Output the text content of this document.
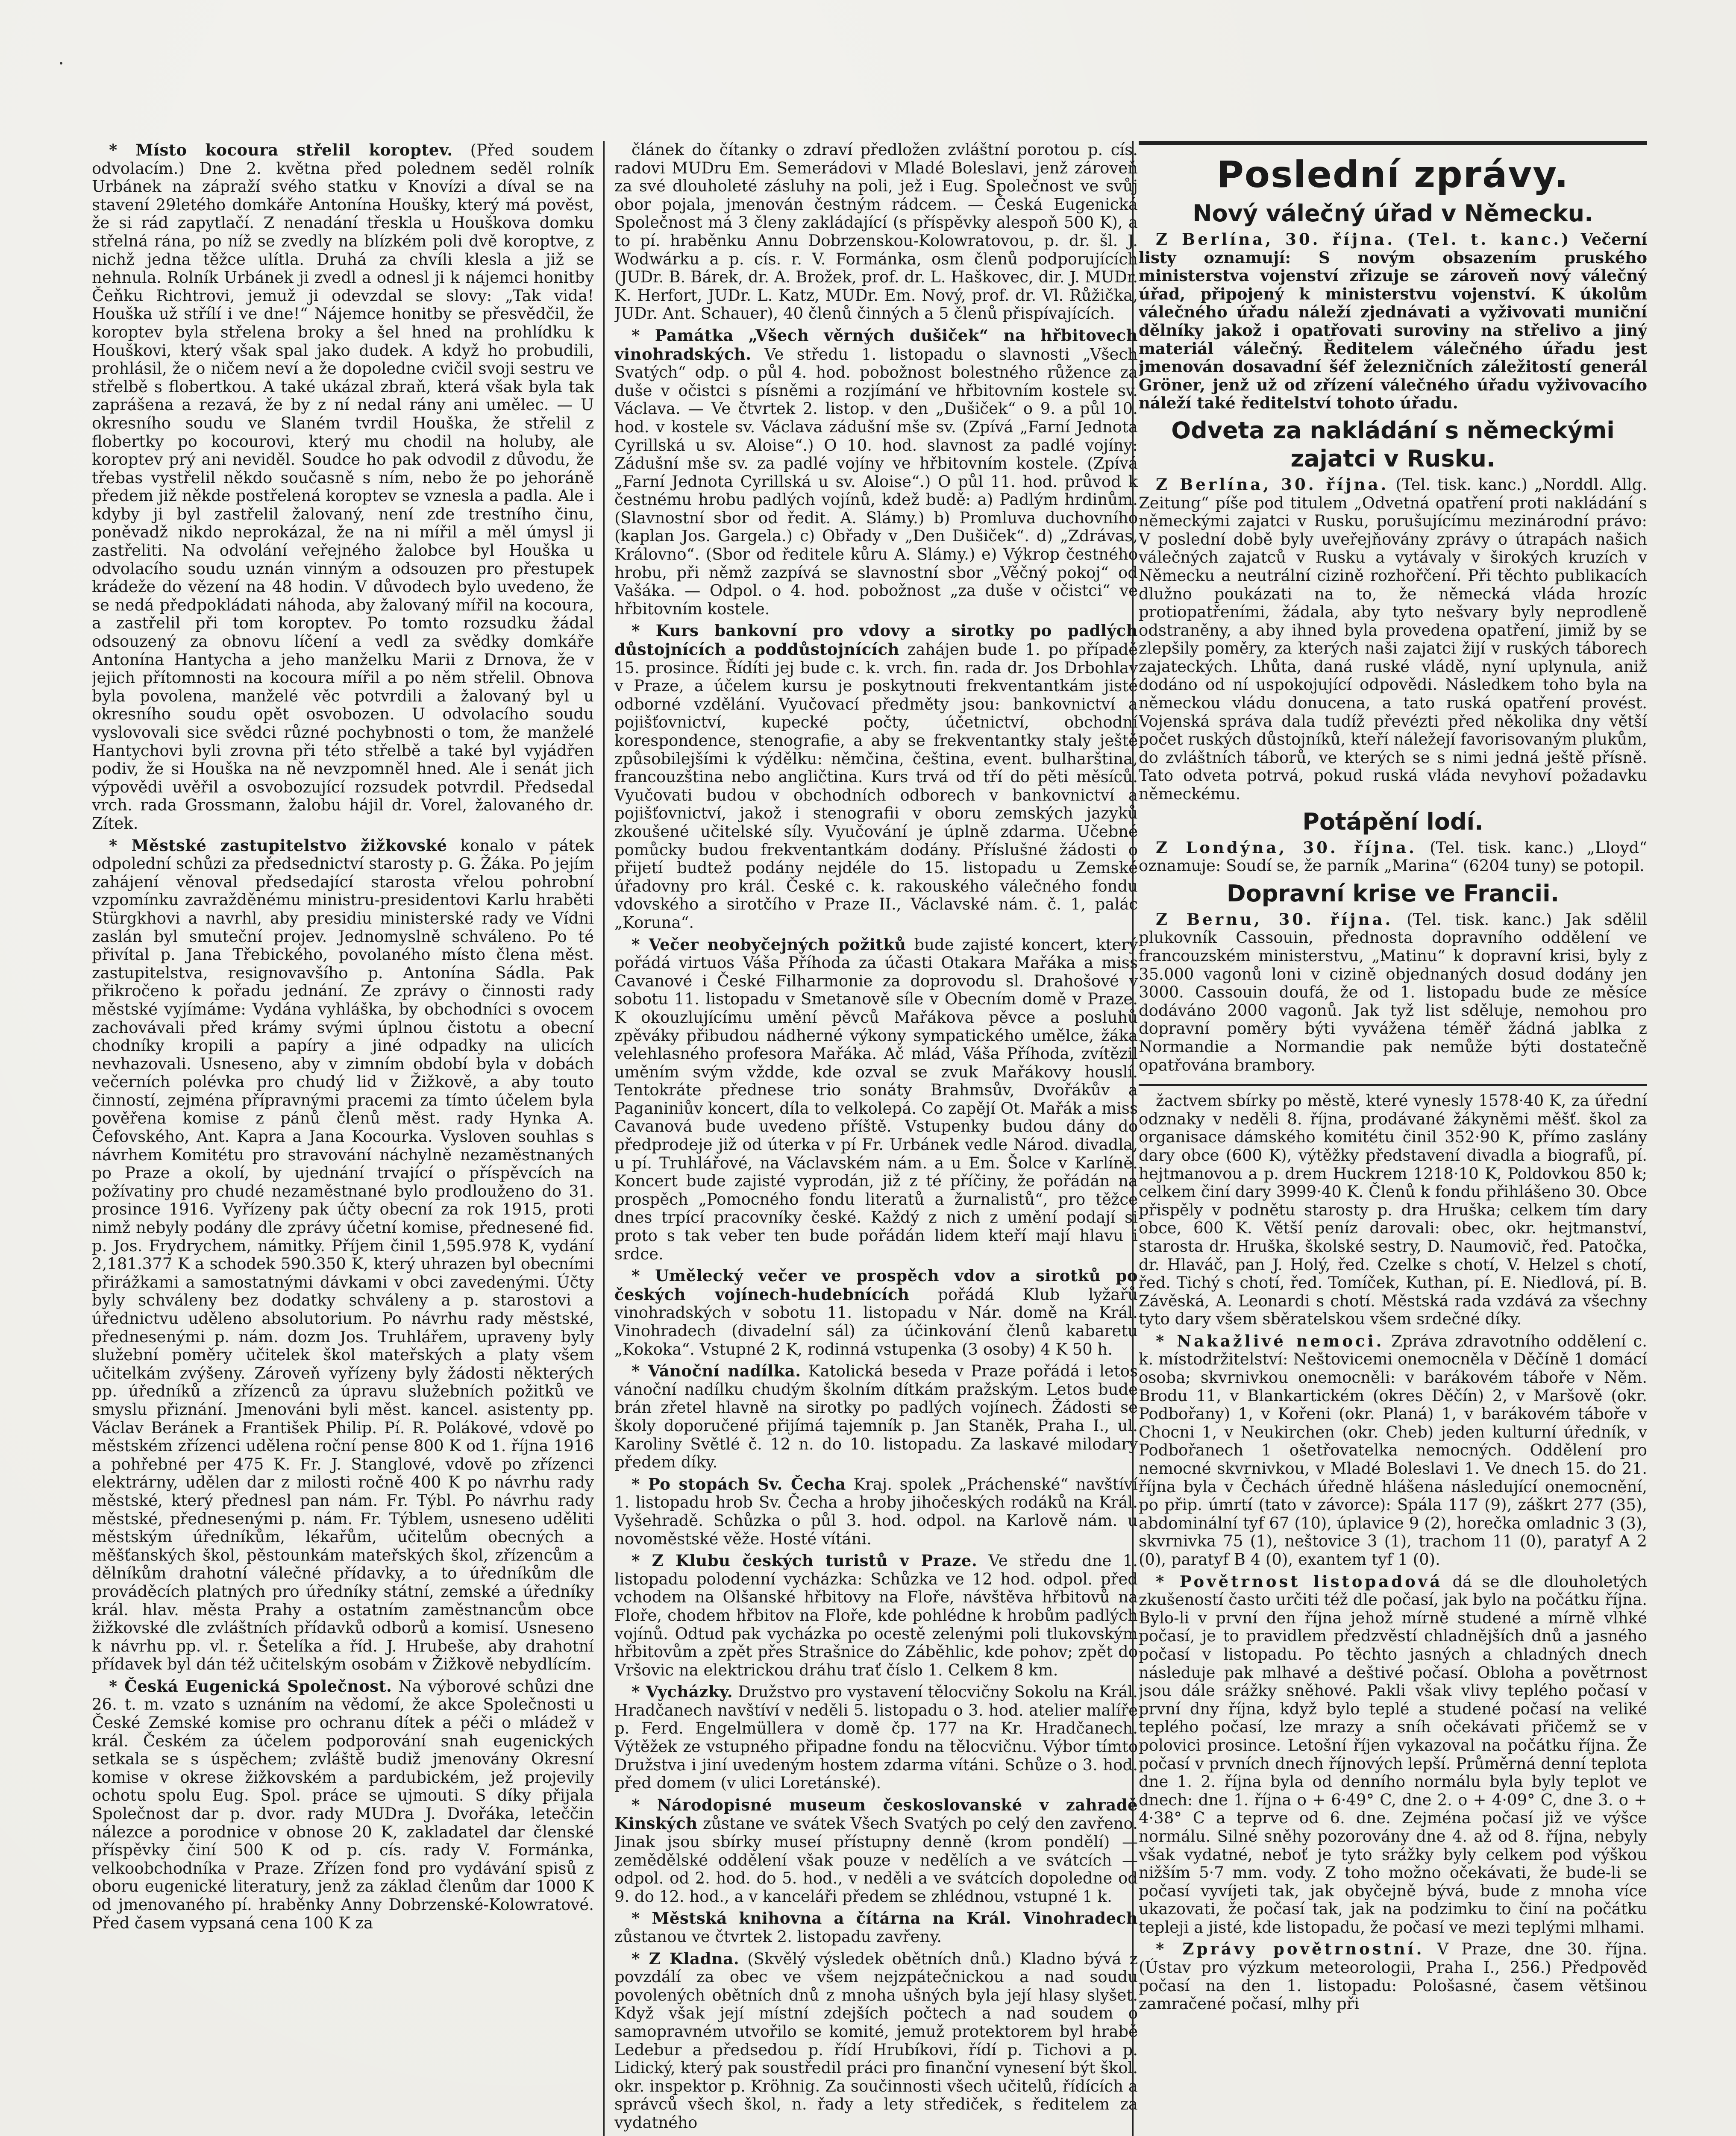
* Místo kocoura střelil koroptev. (Před soudem odvolacím.) Dne 2. května před polednem seděl rolník Urbánek na zápraží svého statku v Knovízi a díval se na stavení 29letého domkáře Antonína Houšky, který má pověst, že si rád zapytlačí. Z nenadání třeskla u Houškova domku střelná rána, po níž se zvedly na blízkém poli dvě koroptve, z nichž jedna těžce ulítla. Druhá za chvíli klesla a již se nehnula. Rolník Urbánek ji zvedl a odnesl ji k nájemci honitby Čeňku Richtrovi, jemuž ji odevzdal se slovy: „Tak vida! Houška už střílí i ve dne!“ Nájemce honitby se přesvědčil, že koroptev byla střelena broky a šel hned na prohlídku k Houškovi, který však spal jako dudek. A když ho probudili, prohlásil, že o ničem neví a že dopoledne cvičil svoji sestru ve střelbě s flobertkou. A také ukázal zbraň, která však byla tak zaprášena a rezavá, že by z ní nedal rány ani umělec. — U okresního soudu ve Slaném tvrdil Houška, že střelil z flobertky po kocourovi, který mu chodil na holuby, ale koroptev prý ani neviděl. Soudce ho pak odvodil z důvodu, že třebas vystřelil někdo současně s ním, nebo že po jehoráně předem již někde postřelená koroptev se vznesla a padla. Ale i kdyby ji byl zastřelil žalovaný, není zde trestního činu, poněvadž nikdo neprokázal, že na ni mířil a měl úmysl ji zastřeliti. Na odvolání veřejného žalobce byl Houška u odvolacího soudu uznán vinným a odsouzen pro přestupek krádeže do vězení na 48 hodin. V důvodech bylo uvedeno, že se nedá předpokládati náhoda, aby žalovaný mířil na kocoura, a zastřelil při tom koroptev. Po tomto rozsudku žádal odsouzený za obnovu líčení a vedl za svědky domkáře Antonína Hantycha a jeho manželku Marii z Drnova, že v jejich přítomnosti na kocoura mířil a po něm střelil. Obnova byla povolena, manželé věc potvrdili a žalovaný byl u okresního soudu opět osvobozen. U odvolacího soudu vyslovovali sice svědci různé pochybnosti o tom, že manželé Hantychovi byli zrovna při této střelbě a také byl vyjádřen podiv, že si Houška na ně nevzpomněl hned. Ale i senát jich výpovědi uvěřil a osvobozující rozsudek potvrdil. Předsedal vrch. rada Grossmann, žalobu hájil dr. Vorel, žalovaného dr. Zítek.

* Městské zastupitelstvo žižkovské konalo v pátek odpolední schůzi za předsednictví starosty p. G. Žáka. Po jejím zahájení věnoval předsedající starosta vřelou pohrobní vzpomínku zavražděnému ministru-presidentovi Karlu hraběti Stürgkhovi a navrhl, aby presidiu ministerské rady ve Vídni zaslán byl smuteční projev. Jednomyslně schváleno. Po té přivítal p. Jana Třebického, povolaného místo člena měst. zastupitelstva, resignovavšího p. Antonína Sádla. Pak přikročeno k pořadu jednání. Ze zprávy o činnosti rady městské vyjímáme: Vydána vyhláška, by obchodníci s ovocem zachovávali před krámy svými úplnou čistotu a obecní chodníky kropili a papíry a jiné odpadky na ulicích nevhazovali. Usneseno, aby v zimním období byla v dobách večerních polévka pro chudý lid v Žižkově, a aby touto činností, zejména přípravnými pracemi za tímto účelem byla pověřena komise z pánů členů měst. rady Hynka A. Čefovského, Ant. Kapra a Jana Kocourka. Vysloven souhlas s návrhem Komitétu pro stravování náchylně nezaměstnaných po Praze a okolí, by ujednání trvající o příspěvcích na požívatiny pro chudé nezaměstnané bylo prodlouženo do 31. prosince 1916. Vyřízeny pak účty obecní za rok 1915, proti nimž nebyly podány dle zprávy účetní komise, přednesené fid. p. Jos. Frydrychem, námitky. Příjem činil 1,595.978 K, vydání 2,181.377 K a schodek 590.350 K, který uhrazen byl obecními přirážkami a samostatnými dávkami v obci zavedenými. Účty byly schváleny bez dodatky schváleny a p. starostovi a úřednictvu uděleno absolutorium. Po návrhu rady městské, přednesenými p. nám. dozm Jos. Truhlářem, upraveny byly služební poměry učitelek škol mateřských a platy všem učitelkám zvýšeny. Zároveň vyřízeny byly žádosti některých pp. úředníků a zřízenců za úpravu služebních požitků ve smyslu přiznání. Jmenováni byli měst. kancel. asistenty pp. Václav Beránek a František Philip. Pí. R. Polákové, vdově po městském zřízenci udělena roční pense 800 K od 1. října 1916 a pohřebné per 475 K. Fr. J. Stanglové, vdově po zřízenci elektrárny, udělen dar z milosti ročně 400 K po návrhu rady městské, který přednesl pan nám. Fr. Týbl. Po návrhu rady městské, přednesenými p. nám. Fr. Týblem, usneseno uděliti městským úředníkům, lékařům, učitelům obecných a měšťanských škol, pěstounkám mateřských škol, zřízencům a dělníkům drahotní válečné přídavky, a to úředníkům dle prováděcích platných pro úředníky státní, zemské a úředníky král. hlav. města Prahy a ostatním zaměstnancům obce žižkovské dle zvláštních přídavků odborů a komisí. Usneseno k návrhu pp. vl. r. Šetelíka a říd. J. Hrubeše, aby drahotní přídavek byl dán též učitelským osobám v Žižkově nebydlícím.

* Česká Eugenická Společnost. Na výborové schůzi dne 26. t. m. vzato s uznáním na vědomí, že akce Společnosti u České Zemské komise pro ochranu dítek a péči o mládež v král. Českém za účelem podporování snah eugenických setkala se s úspěchem; zvláště budiž jmenovány Okresní komise v okrese žižkovském a pardubickém, jež projevily ochotu spolu Eug. Spol. práce se ujmouti. S díky přijala Společnost dar p. dvor. rady MUDra J. Dvořáka, leteččin nálezce a porodnice v obnose 20 K, zakladatel dar členské příspěvky činí 500 K od p. cís. rady V. Formánka, velkoobchodníka v Praze. Zřízen fond pro vydávání spisů z oboru eugenické literatury, jenž za základ členům dar 1000 K od jmenovaného pí. hraběnky Anny Dobrzenské-Kolowratové. Před časem vypsaná cena 100 K za

článek do čítanky o zdraví předložen zvláštní porotou p. cís. radovi MUDru Em. Semerádovi v Mladé Boleslavi, jenž zároveň za své dlouholeté zásluhy na poli, jež i Eug. Společnost ve svůj obor pojala, jmenován čestným rádcem. — Česká Eugenická Společnost má 3 členy zakládající (s příspěvky alespoň 500 K), a to pí. hraběnku Annu Dobrzenskou-Kolowratovou, p. dr. šl. J. Wodwárku a p. cís. r. V. Formánka, osm členů podporujících (JUDr. B. Bárek, dr. A. Brožek, prof. dr. L. Haškovec, dir. J. MUDr. K. Herfort, JUDr. L. Katz, MUDr. Em. Nový, prof. dr. Vl. Růžička, JUDr. Ant. Schauer), 40 členů činných a 5 členů přispívajících.

* Památka „Všech věrných dušiček“ na hřbitovech vinohradských. Ve středu 1. listopadu o slavnosti „Všech Svatých“ odp. o půl 4. hod. pobožnost bolestného růžence za duše v očistci s písněmi a rozjímání ve hřbitovním kostele sv. Václava. — Ve čtvrtek 2. listop. v den „Dušiček“ o 9. a půl 10. hod. v kostele sv. Václava zádušní mše sv. (Zpívá „Farní Jednota Cyrillská u sv. Aloise“.) O 10. hod. slavnost za padlé vojíny: Zádušní mše sv. za padlé vojíny ve hřbitovním kostele. (Zpívá „Farní Jednota Cyrillská u sv. Aloise“.) O půl 11. hod. průvod k čestnému hrobu padlých vojínů, kdež budě: a) Padlým hrdinům. (Slavnostní sbor od ředit. A. Slámy.) b) Promluva duchovního (kaplan Jos. Gargela.) c) Obřady v „Den Dušiček“. d) „Zdrávas, Královno“. (Sbor od ředitele kůru A. Slámy.) e) Výkrop čestného hrobu, při němž zazpívá se slavnostní sbor „Věčný pokoj“ od Vašáka. — Odpol. o 4. hod. pobožnost „za duše v očistci“ ve hřbitovním kostele.

* Kurs bankovní pro vdovy a sirotky po padlých důstojnících a poddůstojnících zahájen bude 1. po případě 15. prosince. Řídíti jej bude c. k. vrch. fin. rada dr. Jos Drbohlav v Praze, a účelem kursu je poskytnouti frekventantkám jisté odborné vzdělání. Vyučovací předměty jsou: bankovnictví a pojišťovnictví, kupecké počty, účetnictví, obchodní korespondence, stenografie, a aby se frekventantky staly ještě způsobilejšími k výdělku: němčina, čeština, event. bulharština, francouzština nebo angličtina. Kurs trvá od tří do pěti měsíců. Vyučovati budou v obchodních odborech v bankovnictví a pojišťovnictví, jakož i stenografii v oboru zemských jazyků zkoušené učitelské síly. Vyučování je úplně zdarma. Učebné pomůcky budou frekventantkám dodány. Příslušné žádosti o přijetí budtež podány nejdéle do 15. listopadu u Zemské úřadovny pro král. České c. k. rakouského válečného fondu vdovského a sirotčího v Praze II., Václavské nám. č. 1, palác „Koruna“.

* Večer neobyčejných požitků bude zajisté koncert, který pořádá virtuos Váša Příhoda za účasti Otakara Mařáka a miss Cavanové i České Filharmonie za doprovodu sl. Drahošové v sobotu 11. listopadu v Smetanově síle v Obecním domě v Praze. K okouzlujícímu umění pěvců Mařákova pěvce a posluhů zpěváky přibudou nádherné výkony sympatického umělce, žáka velehlasného profesora Mařáka. Ač mlád, Váša Příhoda, zvítězil uměním svým vždde, kde ozval se zvuk Mařákovy houslí. Tentokráte přednese trio sonáty Brahmsův, Dvořákův a Paganiniův koncert, díla to velkolepá. Co zapějí Ot. Mařák a miss Cavanová bude uvedeno příště. Vstupenky budou dány do předprodeje již od úterka v pí Fr. Urbánek vedle Národ. divadla, u pí. Truhlářové, na Václavském nám. a u Em. Šolce v Karlíně. Koncert bude zajisté vyprodán, již z té příčiny, že pořádán na prospěch „Pomocného fondu literatů a žurnalistů“, pro těžce dnes trpící pracovníky české. Každý z nich z umění podají si proto s tak veber ten bude pořádán lidem kteří mají hlavu i srdce.

* Umělecký večer ve prospěch vdov a sirotků po českých vojínech-hudebnících pořádá Klub lyžařů vinohradských v sobotu 11. listopadu v Nár. domě na Král. Vinohradech (divadelní sál) za účinkování členů kabaretu „Kokoka“. Vstupné 2 K, rodinná vstupenka (3 osoby) 4 K 50 h.

* Vánoční nadílka. Katolická beseda v Praze pořádá i letos vánoční nadílku chudým školním dítkám pražským. Letos bude brán zřetel hlavně na sirotky po padlých vojínech. Žádosti se školy doporučené přijímá tajemník p. Jan Staněk, Praha I., ul. Karoliny Světlé č. 12 n. do 10. listopadu. Za laskavé milodary předem díky.

* Po stopách Sv. Čecha Kraj. spolek „Práchenské“ navštíví 1. listopadu hrob Sv. Čecha a hroby jihočeských rodáků na Král. Vyšehradě. Schůzka o půl 3. hod. odpol. na Karlově nám. u novoměstské věže. Hosté vítáni.

* Z Klubu českých turistů v Praze. Ve středu dne 1. listopadu polodenní vycházka: Schůzka ve 12 hod. odpol. před vchodem na Olšanské hřbitovy na Floře, návštěva hřbitovů na Floře, chodem hřbitov na Floře, kde pohlédne k hrobům padlých vojínů. Odtud pak vycházka po ocestě zelenými poli tlukovským hřbitovům a zpět přes Strašnice do Záběhlic, kde pohov; zpět do Vršovic na elektrickou dráhu trať číslo 1. Celkem 8 km.

* Vycházky. Družstvo pro vystavení tělocvičny Sokolu na Král. Hradčanech navštíví v neděli 5. listopadu o 3. hod. atelier malíře p. Ferd. Engelmüllera v domě čp. 177 na Kr. Hradčanech. Výtěžek ze vstupného připadne fondu na tělocvičnu. Výbor tímto Družstva i jiní uvedeným hostem zdarma vítáni. Schůze o 3. hod. před domem (v ulici Loretánské).

* Národopisné museum českoslovanské v zahradě Kinských zůstane ve svátek Všech Svatých po celý den zavřeno. Jinak jsou sbírky museí přístupny denně (krom pondělí) — zemědělské oddělení však pouze v nedělích a ve svátcích — odpol. od 2. hod. do 5. hod., v neděli a ve svátcích dopoledne od 9. do 12. hod., a v kanceláři předem se zhlédnou, vstupné 1 k.

* Městská knihovna a čítárna na Král. Vinohradech zůstanou ve čtvrtek 2. listopadu zavřeny.

* Z Kladna. (Skvělý výsledek obětních dnů.) Kladno bývá z povzdálí za obec ve všem nejzpátečnickou a nad soudu povolených obětních dnů z mnoha ušných byla její hlasy slyšet. Když však její místní zdejších počtech a nad soudem o samopravném utvořilo se komité, jemuž protektorem byl hrabě Ledebur a předsedou p. řídí Hrubíkovi, řídí p. Tichovi a p. Lidický, který pak soustředil práci pro finanční vynesení být škol. okr. inspektor p. Kröhnig. Za součinnosti všech učitelů, řídících a správců všech škol, n. řady a lety střediček, s ředitelem za vydatného

Poslední zprávy.
Nový válečný úřad v Německu.

Z Berlína, 30. října. (Tel. t. kanc.) Večerní listy oznamují: S novým obsazením pruského ministerstva vojenství zřizuje se zároveň nový válečný úřad, připojený k ministerstvu vojenství. K úkolům válečného úřadu náleží zjednávati a vyživovati muniční dělníky jakož i opatřovati suroviny na střelivo a jiný materiál válečný. Ředitelem válečného úřadu jest jmenován dosavadní šéf železničních záležitostí generál Gröner, jenž už od zřízení válečného úřadu vyživovacího náleží také ředitelství tohoto úřadu.

Odveta za nakládání s německými zajatci v Rusku.

Z Berlína, 30. října. (Tel. tisk. kanc.) „Norddl. Allg. Zeitung“ píše pod titulem „Odvetná opatření proti nakládání s německými zajatci v Rusku, porušujícímu mezinárodní právo: V poslední době byly uveřejňovány zprávy o útrapách našich válečných zajatců v Rusku a vytávaly v širokých kruzích v Německu a neutrální cizině rozhořčení. Při těchto publikacích dlužno poukázati na to, že německá vláda hrozíc protiopatřeními, žádala, aby tyto nešvary byly neprodleně odstraněny, a aby ihned byla provedena opatření, jimiž by se zlepšily poměry, za kterých naši zajatci žijí v ruských táborech zajateckých. Lhůta, daná ruské vládě, nyní uplynula, aniž dodáno od ní uspokojující odpovědi. Následkem toho byla na německou vládu donucena, a tato ruská opatření provést. Vojenská správa dala tudíž převézti před několika dny větší počet ruských důstojníků, kteří náležejí favorisovaným plukům, do zvláštních táborů, ve kterých se s nimi jedná ještě přísně. Tato odveta potrvá, pokud ruská vláda nevyhoví požadavku německému.

Potápění lodí.

Z Londýna, 30. října. (Tel. tisk. kanc.) „Lloyd“ oznamuje: Soudí se, že parník „Marina“ (6204 tuny) se potopil.

Dopravní krise ve Francii.

Z Bernu, 30. října. (Tel. tisk. kanc.) Jak sdělil plukovník Cassouin, přednosta dopravního oddělení ve francouzském ministerstvu, „Matinu“ k dopravní krisi, byly z 35.000 vagonů loni v cizině objednaných dosud dodány jen 3000. Cassouin doufá, že od 1. listopadu bude ze měsíce dodáváno 2000 vagonů. Jak tyž list sděluje, nemohou pro dopravní poměry býti vyvážena téměř žádná jablka z Normandie a Normandie pak nemůže býti dostatečně opatřována brambory.

žactvem sbírky po městě, které vynesly 1578·40 K, za úřední odznaky v neděli 8. října, prodávané žákyněmi měšť. škol za organisace dámského komitétu činil 352·90 K, přímo zaslány dary obce (600 K), výtěžky představení divadla a biografů, pí. hejtmanovou a p. drem Huckrem 1218·10 K, Poldovkou 850 k; celkem činí dary 3999·40 K. Členů k fondu přihlášeno 30. Obce přispěly v podnětu starosty p. dra Hruška; celkem tím dary obce, 600 K. Větší peníz darovali: obec, okr. hejtmanství, starosta dr. Hruška, školské sestry, D. Naumovič, řed. Patočka, dr. Hlaváč, pan J. Holý, řed. Czelke s chotí, V. Helzel s chotí, řed. Tichý s chotí, řed. Tomíček, Kuthan, pí. E. Niedlová, pí. B. Závěská, A. Leonardi s chotí. Městská rada vzdává za všechny tyto dary všem sběratelskou všem srdečné díky.

* Nakažlivé nemoci. Zpráva zdravotního oddělení c. k. místodržitelství: Neštovicemi onemocněla v Děčíně 1 domácí osoba; skvrnivkou onemocněli: v barákovém táboře v Něm. Brodu 11, v Blankartickém (okres Děčín) 2, v Maršově (okr. Podbořany) 1, v Kořeni (okr. Planá) 1, v barákovém táboře v Chocni 1, v Neukirchen (okr. Cheb) jeden kulturní úředník, v Podbořanech 1 ošetřovatelka nemocných. Oddělení pro nemocné skvrnivkou, v Mladé Boleslavi 1. Ve dnech 15. do 21. října byla v Čechách úředně hlášena následující onemocnění, po přip. úmrtí (tato v závorce): Spála 117 (9), záškrt 277 (35), abdominální tyf 67 (10), úplavice 9 (2), horečka omladnic 3 (3), skvrnivka 75 (1), neštovice 3 (1), trachom 11 (0), paratyf A 2 (0), paratyf B 4 (0), exantem tyf 1 (0).

* Povětrnost listopadová dá se dle dlouholetých zkušeností často určiti též dle počasí, jak bylo na počátku října. Bylo-li v první den října jehož mírně studené a mírně vlhké počasí, je to pravidlem předzvěstí chladnějších dnů a jasného počasí v listopadu. Po těchto jasných a chladných dnech následuje pak mlhavé a deštivé počasí. Obloha a povětrnost jsou dále srážky sněhové. Pakli však vlivy teplého počasí v první dny října, když bylo teplé a studené počasí na veliké teplého počasí, lze mrazy a sníh očekávati přičemž se v polovici prosince. Letošní říjen vykazoval na počátku října. Že počasí v prvních dnech říjnových lepší. Průměrná denní teplota dne 1. 2. října byla od denního normálu byla byly teplot ve dnech: dne 1. října o + 6·49° C, dne 2. o + 4·09° C, dne 3. o + 4·38° C a teprve od 6. dne. Zejména počasí již ve výšce normálu. Silné sněhy pozorovány dne 4. až od 8. října, nebyly však vydatné, neboť je tyto srážky byly celkem pod výškou nižším 5·7 mm. vody. Z toho možno očekávati, že bude-li se počasí vyvíjeti tak, jak obyčejně bývá, bude z mnoha více ukazovati, že počasí tak, jak na podzimku to činí na počátku tepleji a jisté, kde listopadu, že počasí ve mezi teplými mlhami.

* Zprávy povětrnostní. V Praze, dne 30. října. (Ústav pro výzkum meteorologii, Praha I., 256.) Předpověď počasí na den 1. listopadu: Pološasné, časem většinou zamračené počasí, mlhy při
